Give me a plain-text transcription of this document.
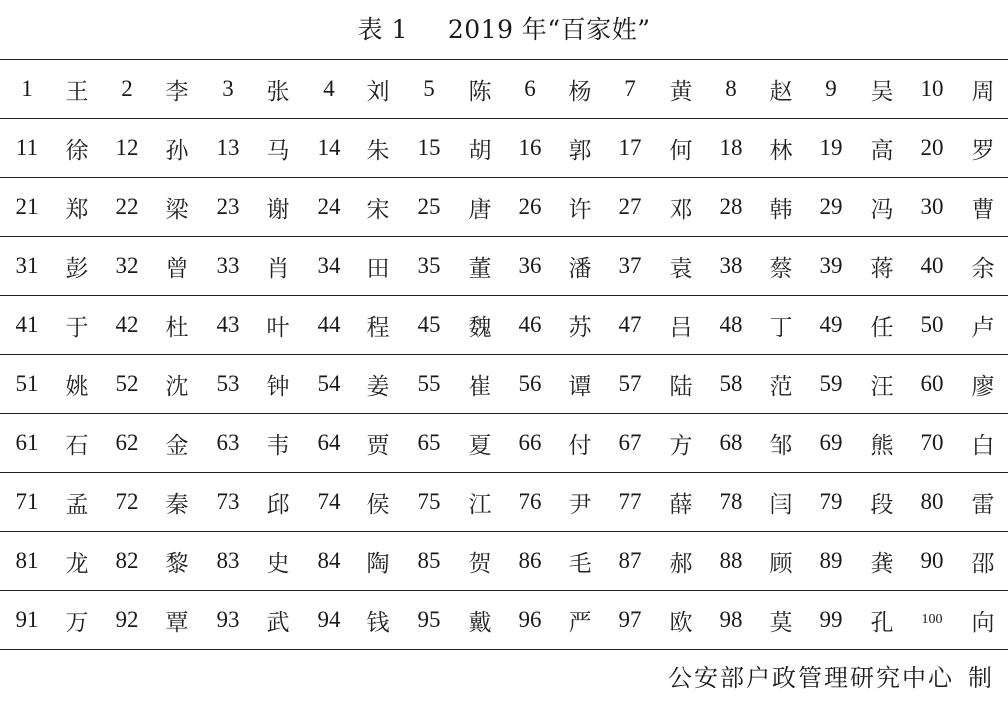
表 1 2019 年“百家姓”
1	王	2	李	3	张	4	刘	5	陈	6	杨	7	黄	8	赵	9	吴	10	周
11	徐	12	孙	13	马	14	朱	15	胡	16	郭	17	何	18	林	19	高	20	罗
21	郑	22	梁	23	谢	24	宋	25	唐	26	许	27	邓	28	韩	29	冯	30	曹
31	彭	32	曾	33	肖	34	田	35	董	36	潘	37	袁	38	蔡	39	蒋	40	余
41	于	42	杜	43	叶	44	程	45	魏	46	苏	47	吕	48	丁	49	任	50	卢
51	姚	52	沈	53	钟	54	姜	55	崔	56	谭	57	陆	58	范	59	汪	60	廖
61	石	62	金	63	韦	64	贾	65	夏	66	付	67	方	68	邹	69	熊	70	白
71	孟	72	秦	73	邱	74	侯	75	江	76	尹	77	薛	78	闫	79	段	80	雷
81	龙	82	黎	83	史	84	陶	85	贺	86	毛	87	郝	88	顾	89	龚	90	邵
91	万	92	覃	93	武	94	钱	95	戴	96	严	97	欧	98	莫	99	孔	100	向
公安部户政管理研究中心 制
